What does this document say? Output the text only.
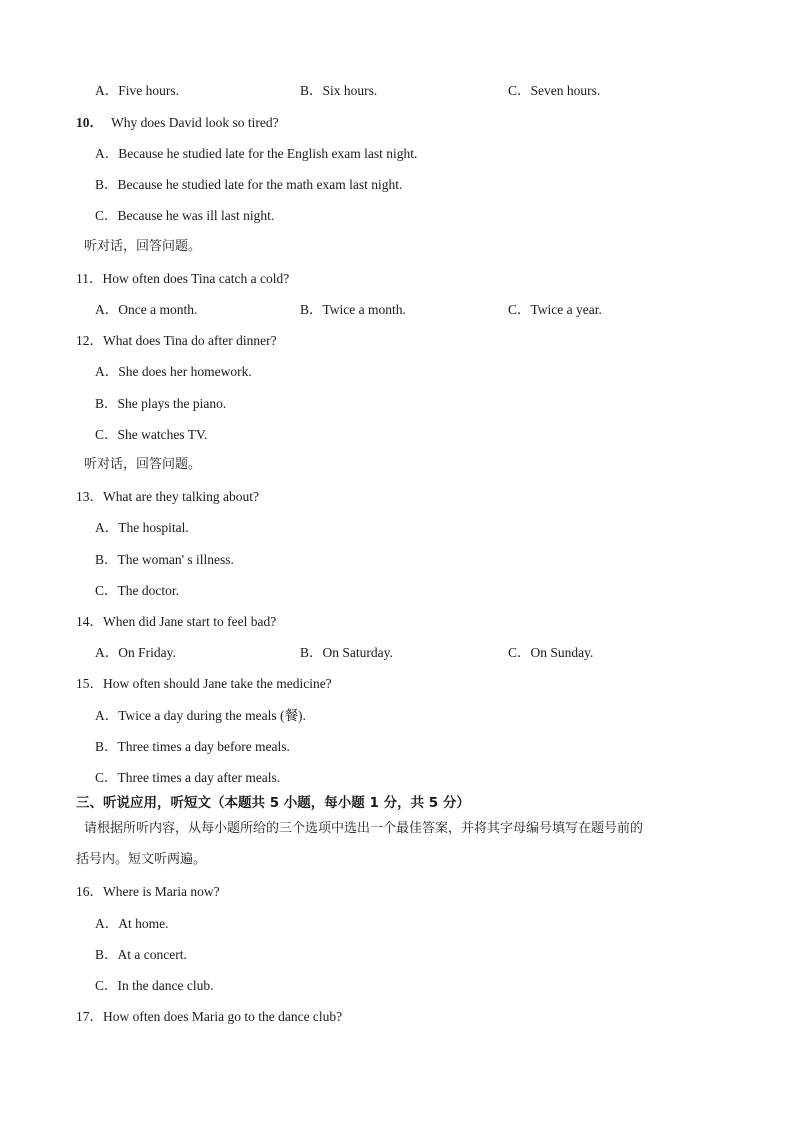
A．Five hours.	B．Six hours.	C．Seven hours.
10． Why does David look so tired?
A．Because he studied late for the English exam last night.
B．Because he studied late for the math exam last night.
C．Because he was ill last night.
听对话，回答问题。
11．How often does Tina catch a cold?
A．Once a month.	B．Twice a month.	C．Twice a year.
12．What does Tina do after dinner?
A．She does her homework.
B．She plays the piano.
C．She watches TV.
听对话，回答问题。
13．What are they talking about?
A．The hospital.
B．The woman' s illness.
C．The doctor.
14．When did Jane start to feel bad?
A．On Friday.	B．On Saturday.	C．On Sunday.
15．How often should Jane take the medicine?
A．Twice a day during the meals (餐).
B．Three times a day before meals.
C．Three times a day after meals.
三、听说应用，听短文（本题共 5 小题，每小题 1 分，共 5 分）
请根据所听内容，从每小题所给的三个选项中选出一个最佳答案，并将其字母编号填写在题号前的
括号内。短文听两遍。
16．Where is Maria now?
A．At home.
B．At a concert.
C．In the dance club.
17．How often does Maria go to the dance club?
